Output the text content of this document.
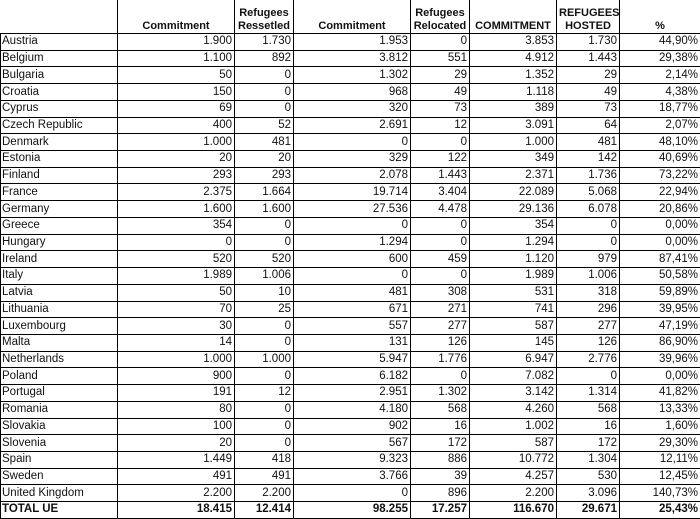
	Commitment	Refugees Ressetled	Commitment	Refugees Relocated	COMMITMENT	REFUGEES HOSTED	%
Austria	1.900	1.730	1.953	0	3.853	1.730	44,90%
Belgium	1.100	892	3.812	551	4.912	1.443	29,38%
Bulgaria	50	0	1.302	29	1.352	29	2,14%
Croatia	150	0	968	49	1.118	49	4,38%
Cyprus	69	0	320	73	389	73	18,77%
Czech Republic	400	52	2.691	12	3.091	64	2,07%
Denmark	1.000	481	0	0	1.000	481	48,10%
Estonia	20	20	329	122	349	142	40,69%
Finland	293	293	2.078	1.443	2.371	1.736	73,22%
France	2.375	1.664	19.714	3.404	22.089	5.068	22,94%
Germany	1.600	1.600	27.536	4.478	29.136	6.078	20,86%
Greece	354	0	0	0	354	0	0,00%
Hungary	0	0	1.294	0	1.294	0	0,00%
Ireland	520	520	600	459	1.120	979	87,41%
Italy	1.989	1.006	0	0	1.989	1.006	50,58%
Latvia	50	10	481	308	531	318	59,89%
Lithuania	70	25	671	271	741	296	39,95%
Luxembourg	30	0	557	277	587	277	47,19%
Malta	14	0	131	126	145	126	86,90%
Netherlands	1.000	1.000	5.947	1.776	6.947	2.776	39,96%
Poland	900	0	6.182	0	7.082	0	0,00%
Portugal	191	12	2.951	1.302	3.142	1.314	41,82%
Romania	80	0	4.180	568	4.260	568	13,33%
Slovakia	100	0	902	16	1.002	16	1,60%
Slovenia	20	0	567	172	587	172	29,30%
Spain	1.449	418	9.323	886	10.772	1.304	12,11%
Sweden	491	491	3.766	39	4.257	530	12,45%
United Kingdom	2.200	2.200	0	896	2.200	3.096	140,73%
TOTAL UE	18.415	12.414	98.255	17.257	116.670	29.671	25,43%
